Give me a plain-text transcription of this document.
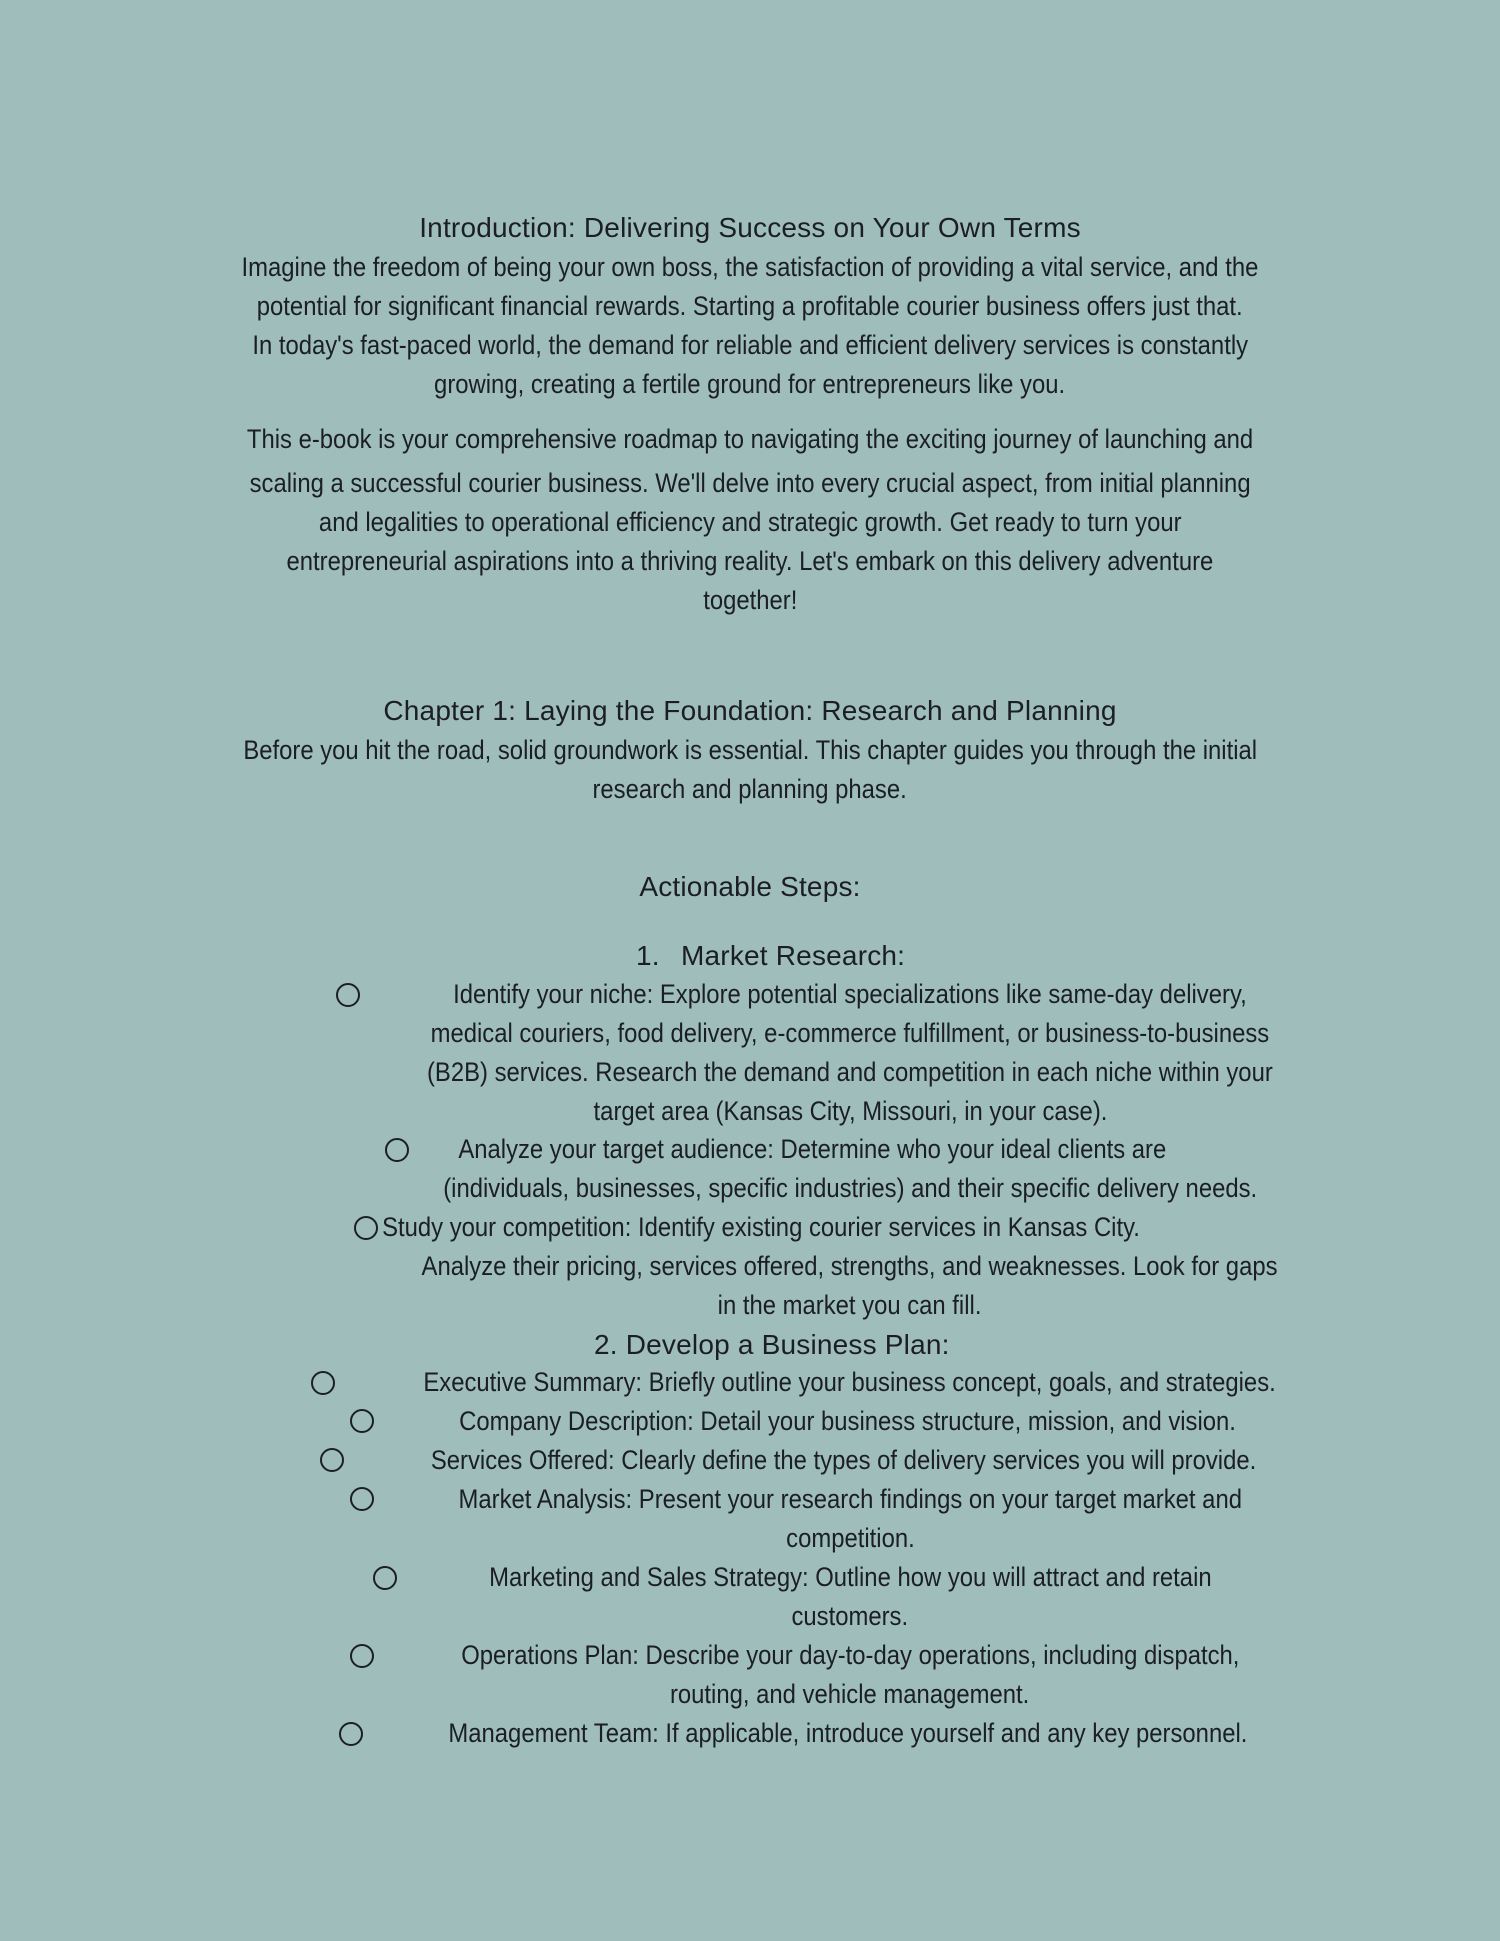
Introduction: Delivering Success on Your Own Terms
Imagine the freedom of being your own boss, the satisfaction of providing a vital service, and the
potential for significant financial rewards. Starting a profitable courier business offers just that.
In today's fast-paced world, the demand for reliable and efficient delivery services is constantly
growing, creating a fertile ground for entrepreneurs like you.
This e-book is your comprehensive roadmap to navigating the exciting journey of launching and
scaling a successful courier business. We'll delve into every crucial aspect, from initial planning
and legalities to operational efficiency and strategic growth. Get ready to turn your
entrepreneurial aspirations into a thriving reality. Let's embark on this delivery adventure
together!
Chapter 1: Laying the Foundation: Research and Planning
Before you hit the road, solid groundwork is essential. This chapter guides you through the initial
research and planning phase.
Actionable Steps:
1. Market Research:
Identify your niche: Explore potential specializations like same-day delivery,
medical couriers, food delivery, e-commerce fulfillment, or business-to-business
(B2B) services. Research the demand and competition in each niche within your
target area (Kansas City, Missouri, in your case).
Analyze your target audience: Determine who your ideal clients are
(individuals, businesses, specific industries) and their specific delivery needs.
Study your competition: Identify existing courier services in Kansas City.
Analyze their pricing, services offered, strengths, and weaknesses. Look for gaps
in the market you can fill.
2. Develop a Business Plan:
Executive Summary: Briefly outline your business concept, goals, and strategies.
Company Description: Detail your business structure, mission, and vision.
Services Offered: Clearly define the types of delivery services you will provide.
Market Analysis: Present your research findings on your target market and
competition.
Marketing and Sales Strategy: Outline how you will attract and retain
customers.
Operations Plan: Describe your day-to-day operations, including dispatch,
routing, and vehicle management.
Management Team: If applicable, introduce yourself and any key personnel.
